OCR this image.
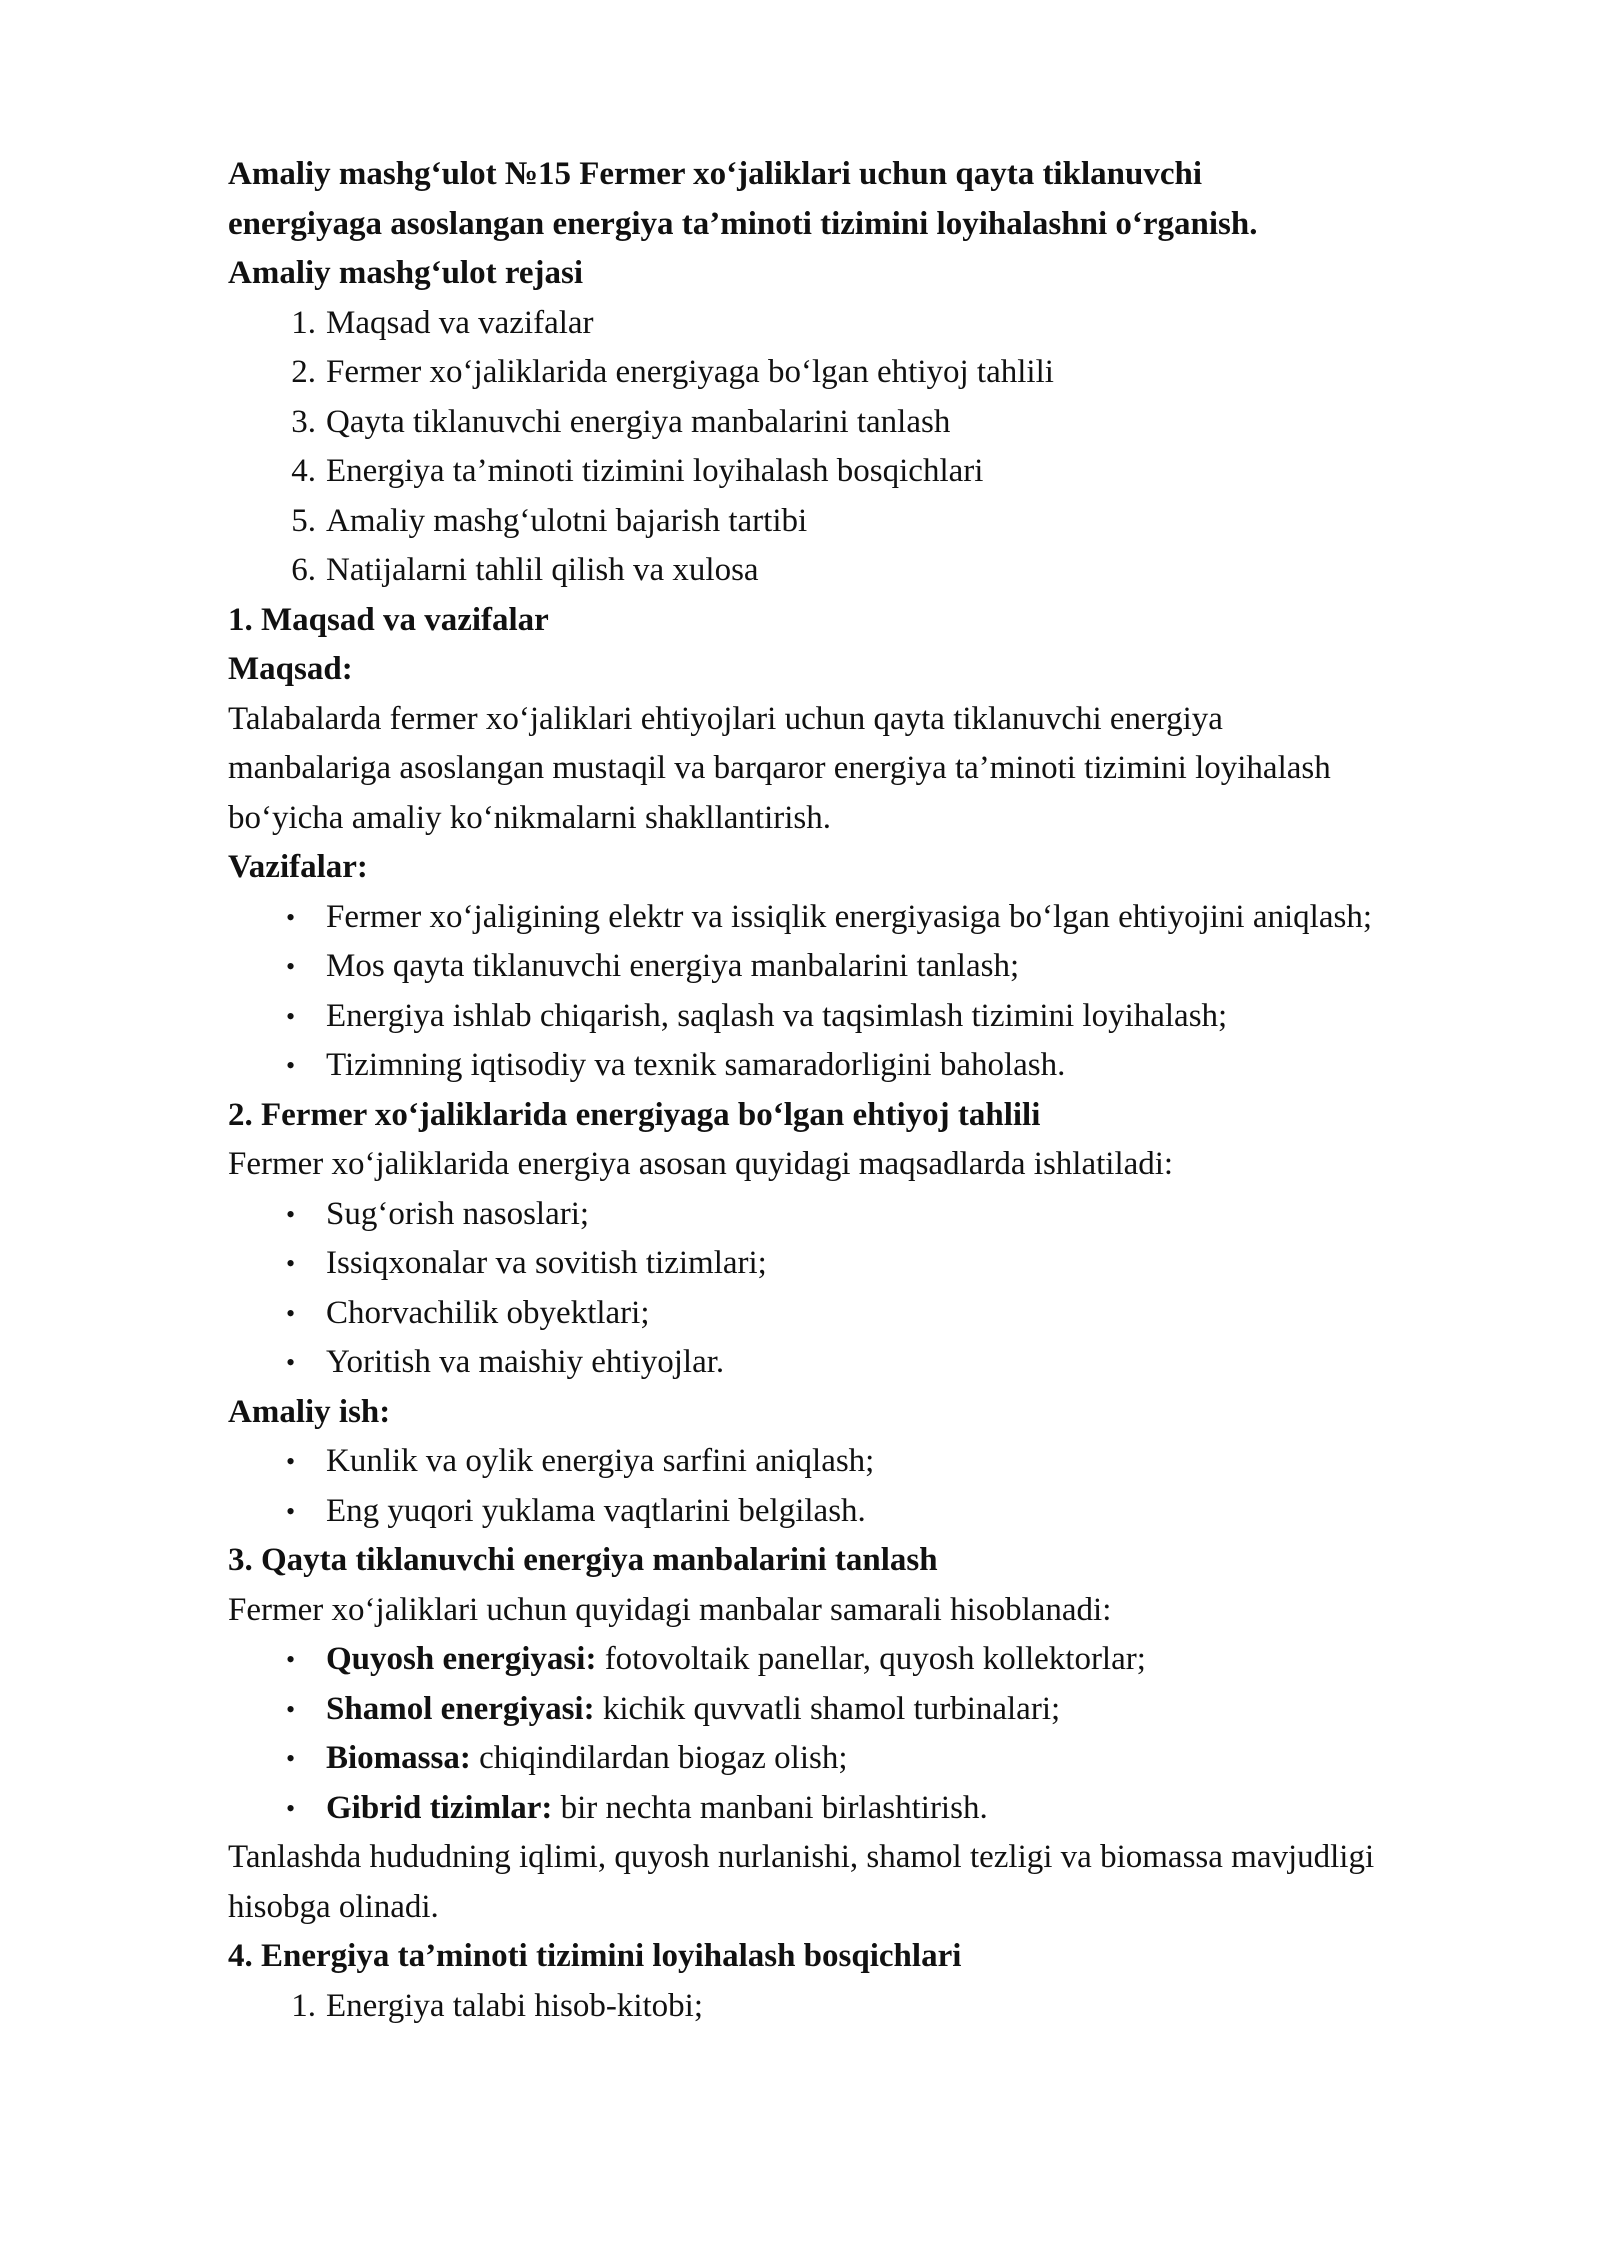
Amaliy mashg‘ulot №15 Fermer xo‘jaliklari uchun qayta tiklanuvchi
energiyaga asoslangan energiya ta’minoti tizimini loyihalashni o‘rganish.

Amaliy mashg‘ulot rejasi

1. Maqsad va vazifalar
2. Fermer xo‘jaliklarida energiyaga bo‘lgan ehtiyoj tahlili
3. Qayta tiklanuvchi energiya manbalarini tanlash
4. Energiya ta’minoti tizimini loyihalash bosqichlari
5. Amaliy mashg‘ulotni bajarish tartibi
6. Natijalarni tahlil qilish va xulosa

1. Maqsad va vazifalar

Maqsad:

Talabalarda fermer xo‘jaliklari ehtiyojlari uchun qayta tiklanuvchi energiya manbalariga asoslangan mustaqil va barqaror energiya ta’minoti tizimini loyihalash bo‘yicha amaliy ko‘nikmalarni shakllantirish.

Vazifalar:

• Fermer xo‘jaligining elektr va issiqlik energiyasiga bo‘lgan ehtiyojini aniqlash;
• Mos qayta tiklanuvchi energiya manbalarini tanlash;
• Energiya ishlab chiqarish, saqlash va taqsimlash tizimini loyihalash;
• Tizimning iqtisodiy va texnik samaradorligini baholash.

2. Fermer xo‘jaliklarida energiyaga bo‘lgan ehtiyoj tahlili

Fermer xo‘jaliklarida energiya asosan quyidagi maqsadlarda ishlatiladi:

• Sug‘orish nasoslari;
• Issiqxonalar va sovitish tizimlari;
• Chorvachilik obyektlari;
• Yoritish va maishiy ehtiyojlar.

Amaliy ish:

• Kunlik va oylik energiya sarfini aniqlash;
• Eng yuqori yuklama vaqtlarini belgilash.

3. Qayta tiklanuvchi energiya manbalarini tanlash

Fermer xo‘jaliklari uchun quyidagi manbalar samarali hisoblanadi:

• Quyosh energiyasi: fotovoltaik panellar, quyosh kollektorlar;
• Shamol energiyasi: kichik quvvatli shamol turbinalari;
• Biomassa: chiqindilardan biogaz olish;
• Gibrid tizimlar: bir nechta manbani birlashtirish.

Tanlashda hududning iqlimi, quyosh nurlanishi, shamol tezligi va biomassa mavjudligi hisobga olinadi.

4. Energiya ta’minoti tizimini loyihalash bosqichlari

1. Energiya talabi hisob-kitobi;
